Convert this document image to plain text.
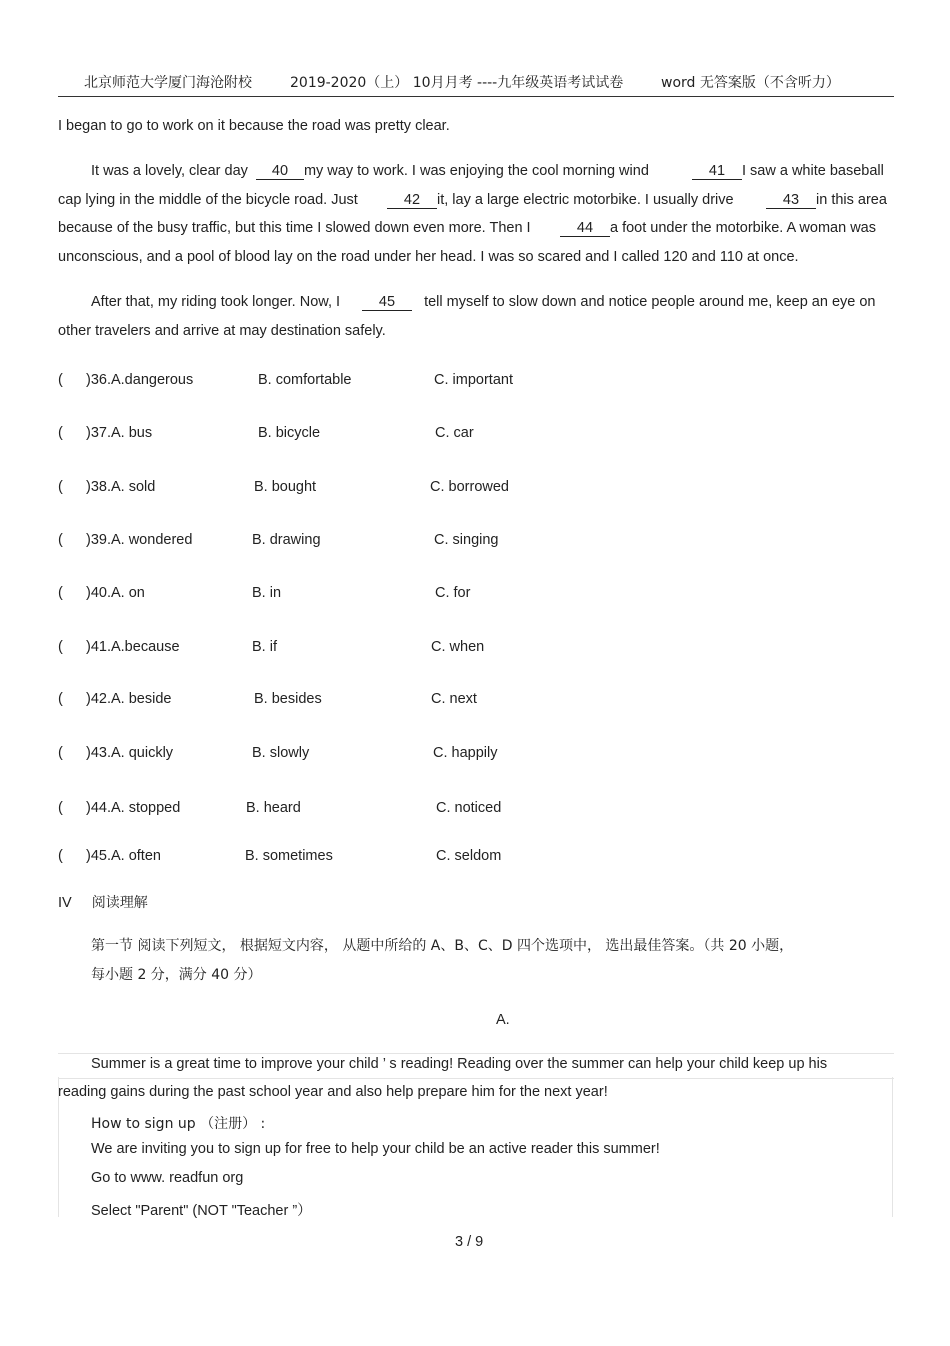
北京师范大学厦门海沧附校	2019-2020（上） 10月月考 ----九年级英语考试试卷	word 无答案版（不含听力）
I began to go to work on it because the road was pretty clear.
It was a lovely, clear day 40 my way to work. I was enjoying the cool morning wind	41 I saw a white baseball
cap lying in the middle of the bicycle road. Just	42 it, lay a large electric motorbike. I usually drive	43 in this area
because of the busy traffic, but this time I slowed down even more. Then I	44 a foot under the motorbike. A woman was
unconscious, and a pool of blood lay on the road under her head. I was so scared and I called 120 and 110 at once.
After that, my riding took longer. Now, I	45 tell myself to slow down and notice people around me, keep an eye on
other travelers and arrive at may destination safely.
( )36.A.dangerous	B. comfortable	C. important
( )37.A. bus	B. bicycle	C. car
( )38.A. sold	B. bought	C. borrowed
( )39.A. wondered	B. drawing	C. singing
( )40.A. on	B. in	C. for
( )41.A.because	B. if	C. when
( )42.A. beside	B. besides	C. next
( )43.A. quickly	B. slowly	C. happily
( )44.A. stopped	B. heard	C. noticed
( )45.A. often	B. sometimes	C. seldom
IV 阅读理解
第一节 阅读下列短文， 根据短文内容， 从题中所给的 A、B、C、D 四个选项中， 选出最佳答案。（共 20 小题，
每小题 2 分，满分 40 分）
A.
Summer is a great time to improve your child ’ s reading! Reading over the summer can help your child keep up his
reading gains during the past school year and also help prepare him for the next year!
How to sign up （注册） :
We are inviting you to sign up for free to help your child be an active reader this summer!
Go to www. readfun org
Select "Parent" (NOT "Teacher ”）
3 / 9
